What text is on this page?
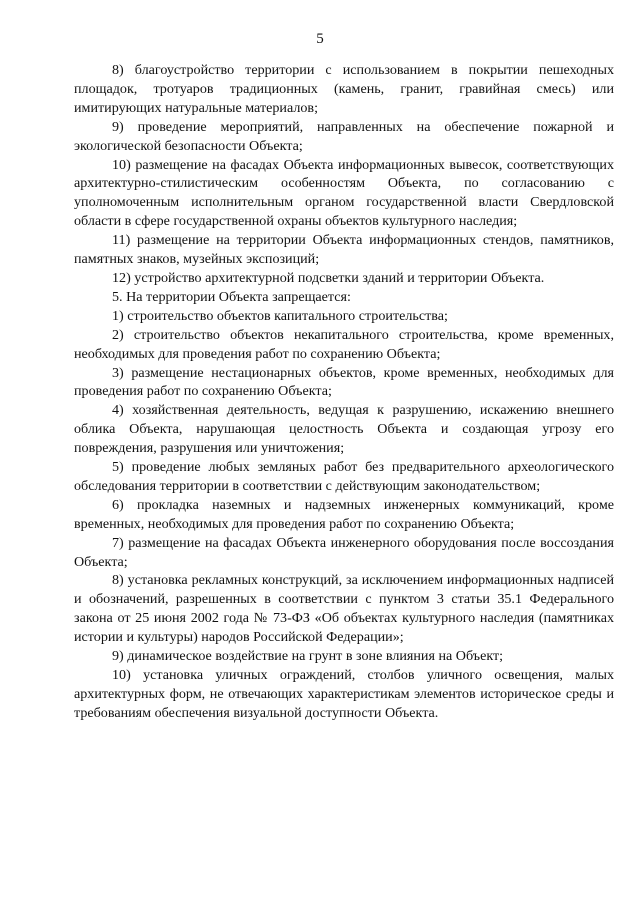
5

8) благоустройство территории с использованием в покрытии пешеходных площадок, тротуаров традиционных (камень, гранит, гравийная смесь) или имитирующих натуральные материалов;

9) проведение мероприятий, направленных на обеспечение пожарной и экологической безопасности Объекта;

10) размещение на фасадах Объекта информационных вывесок, соответствующих архитектурно-стилистическим особенностям Объекта, по согласованию с уполномоченным исполнительным органом государственной власти Свердловской области в сфере государственной охраны объектов культурного наследия;

11) размещение на территории Объекта информационных стендов, памятников, памятных знаков, музейных экспозиций;

12) устройство архитектурной подсветки зданий и территории Объекта.

5. На территории Объекта запрещается:

1) строительство объектов капитального строительства;

2) строительство объектов некапитального строительства, кроме временных, необходимых для проведения работ по сохранению Объекта;

3) размещение нестационарных объектов, кроме временных, необходимых для проведения работ по сохранению Объекта;

4) хозяйственная деятельность, ведущая к разрушению, искажению внешнего облика Объекта, нарушающая целостность Объекта и создающая угрозу его повреждения, разрушения или уничтожения;

5) проведение любых земляных работ без предварительного археологического обследования территории в соответствии с действующим законодательством;

6) прокладка наземных и надземных инженерных коммуникаций, кроме временных, необходимых для проведения работ по сохранению Объекта;

7) размещение на фасадах Объекта инженерного оборудования после воссоздания Объекта;

8) установка рекламных конструкций, за исключением информационных надписей и обозначений, разрешенных в соответствии с пунктом 3 статьи 35.1 Федерального закона от 25 июня 2002 года № 73-ФЗ «Об объектах культурного наследия (памятниках истории и культуры) народов Российской Федерации»;

9) динамическое воздействие на грунт в зоне влияния на Объект;

10) установка уличных ограждений, столбов уличного освещения, малых архитектурных форм, не отвечающих характеристикам элементов историческое среды и требованиям обеспечения визуальной доступности Объекта.
